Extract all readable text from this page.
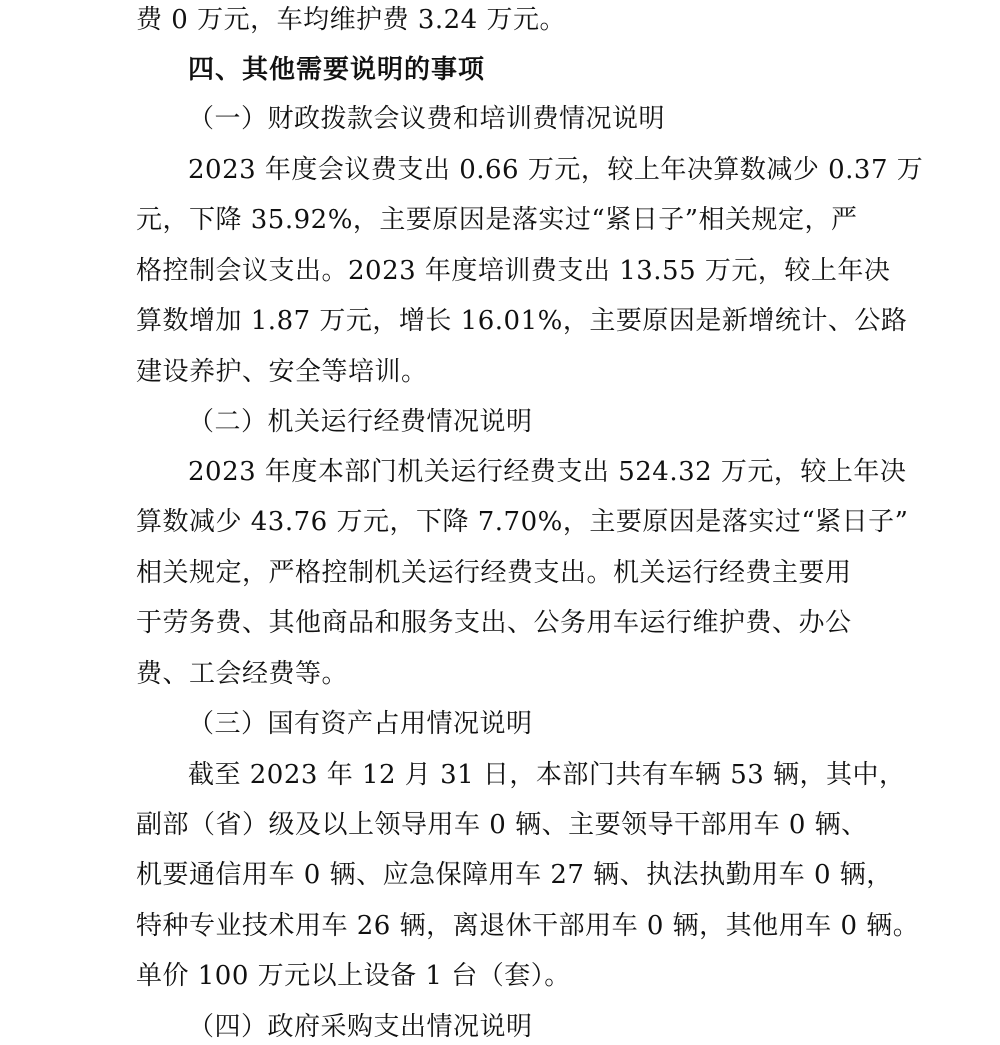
费 0 万元，车均维护费 3.24 万元。
四、其他需要说明的事项
（一）财政拨款会议费和培训费情况说明
2023 年度会议费支出 0.66 万元，较上年决算数减少 0.37 万
元，下降 35.92%，主要原因是落实过“紧日子”相关规定，严
格控制会议支出。2023 年度培训费支出 13.55 万元，较上年决
算数增加 1.87 万元，增长 16.01%，主要原因是新增统计、公路
建设养护、安全等培训。
（二）机关运行经费情况说明
2023 年度本部门机关运行经费支出 524.32 万元，较上年决
算数减少 43.76 万元，下降 7.70%，主要原因是落实过“紧日子”
相关规定，严格控制机关运行经费支出。机关运行经费主要用
于劳务费、其他商品和服务支出、公务用车运行维护费、办公
费、工会经费等。
（三）国有资产占用情况说明
截至 2023 年 12 月 31 日，本部门共有车辆 53 辆，其中，
副部（省）级及以上领导用车 0 辆、主要领导干部用车 0 辆、
机要通信用车 0 辆、应急保障用车 27 辆、执法执勤用车 0 辆，
特种专业技术用车 26 辆，离退休干部用车 0 辆，其他用车 0 辆。
单价 100 万元以上设备 1 台（套）。
（四）政府采购支出情况说明
